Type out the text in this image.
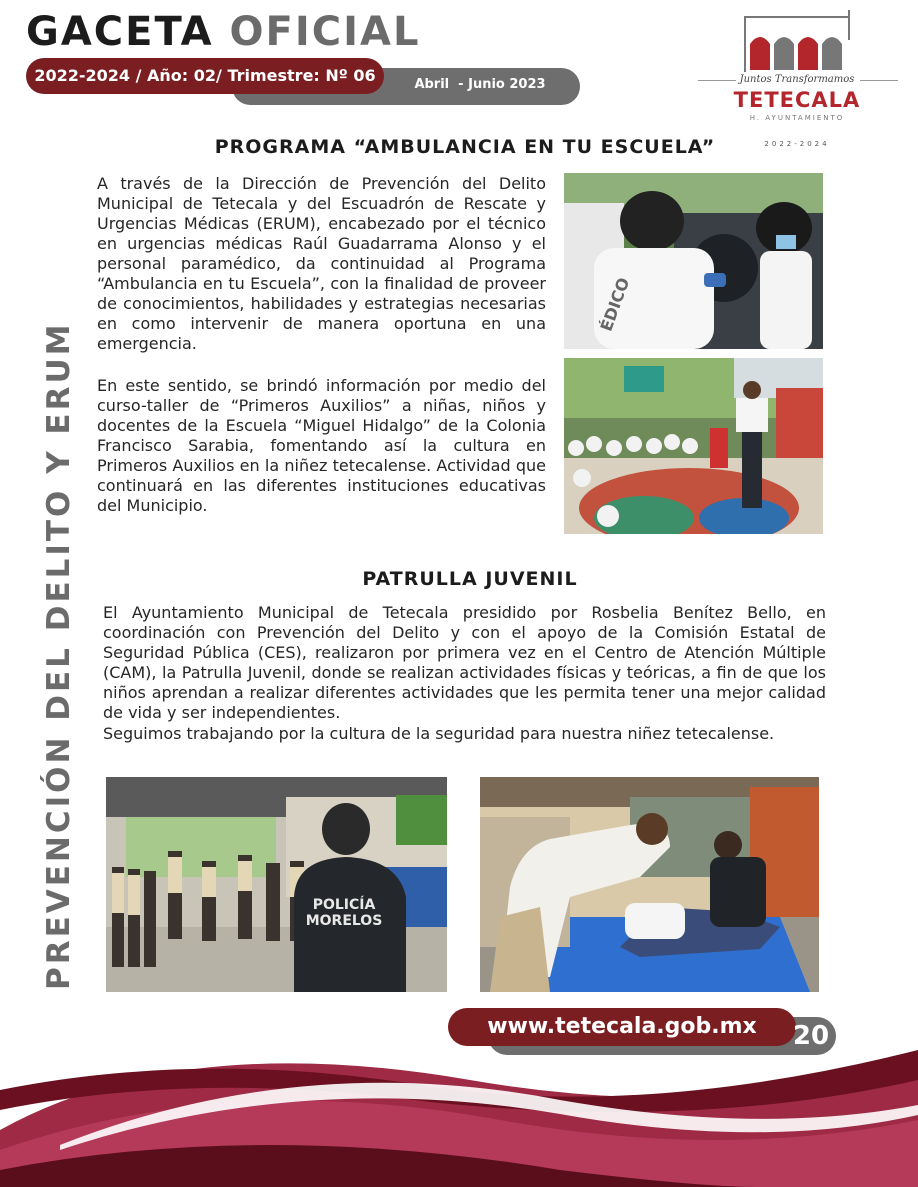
GACETA OFICIAL
Abril  - Junio 2023
2022-2024 / Año: 02/ Trimestre: Nº 06	Juntos Transformamos
TETECALA
H. AYUNTAMIENTO
2022-2024
PREVENCIÓN DEL DELITO Y ERUM
PROGRAMA “AMBULANCIA EN TU ESCUELA”

A través de la Dirección de Prevención del Delito Municipal de Tetecala y del Escuadrón de Rescate y Urgencias Médicas (ERUM), encabezado por el técnico en urgencias médicas Raúl Guadarrama Alonso y el personal paramédico, da continuidad al Programa “Ambulancia en tu Escuela”, con la finalidad de proveer de conocimientos, habilidades y estrategias necesarias en como intervenir de manera oportuna en una emergencia.

En este sentido, se brindó información por medio del curso-taller de “Primeros Auxilios” a niñas, niños y docentes de la Escuela “Miguel Hidalgo” de la Colonia Francisco Sarabia, fomentando así la cultura en Primeros Auxilios en la niñez tetecalense. Actividad que continuará en las diferentes instituciones educativas del Municipio.

ÉDICO
PATRULLA JUVENIL

El Ayuntamiento Municipal de Tetecala presidido por Rosbelia Benítez Bello, en coordinación con Prevención del Delito y con el apoyo de la Comisión Estatal de Seguridad Pública (CES), realizaron por primera vez en el Centro de Atención Múltiple (CAM), la Patrulla Juvenil, donde se realizan actividades físicas y teóricas, a fin de que los niños aprendan a realizar diferentes actividades que les permita tener una mejor calidad de vida y ser independientes.

Seguimos trabajando por la cultura de la seguridad para nuestra niñez tetecalense.

POLICÍA
MORELOS
www.tetecala.gob.mx	20
